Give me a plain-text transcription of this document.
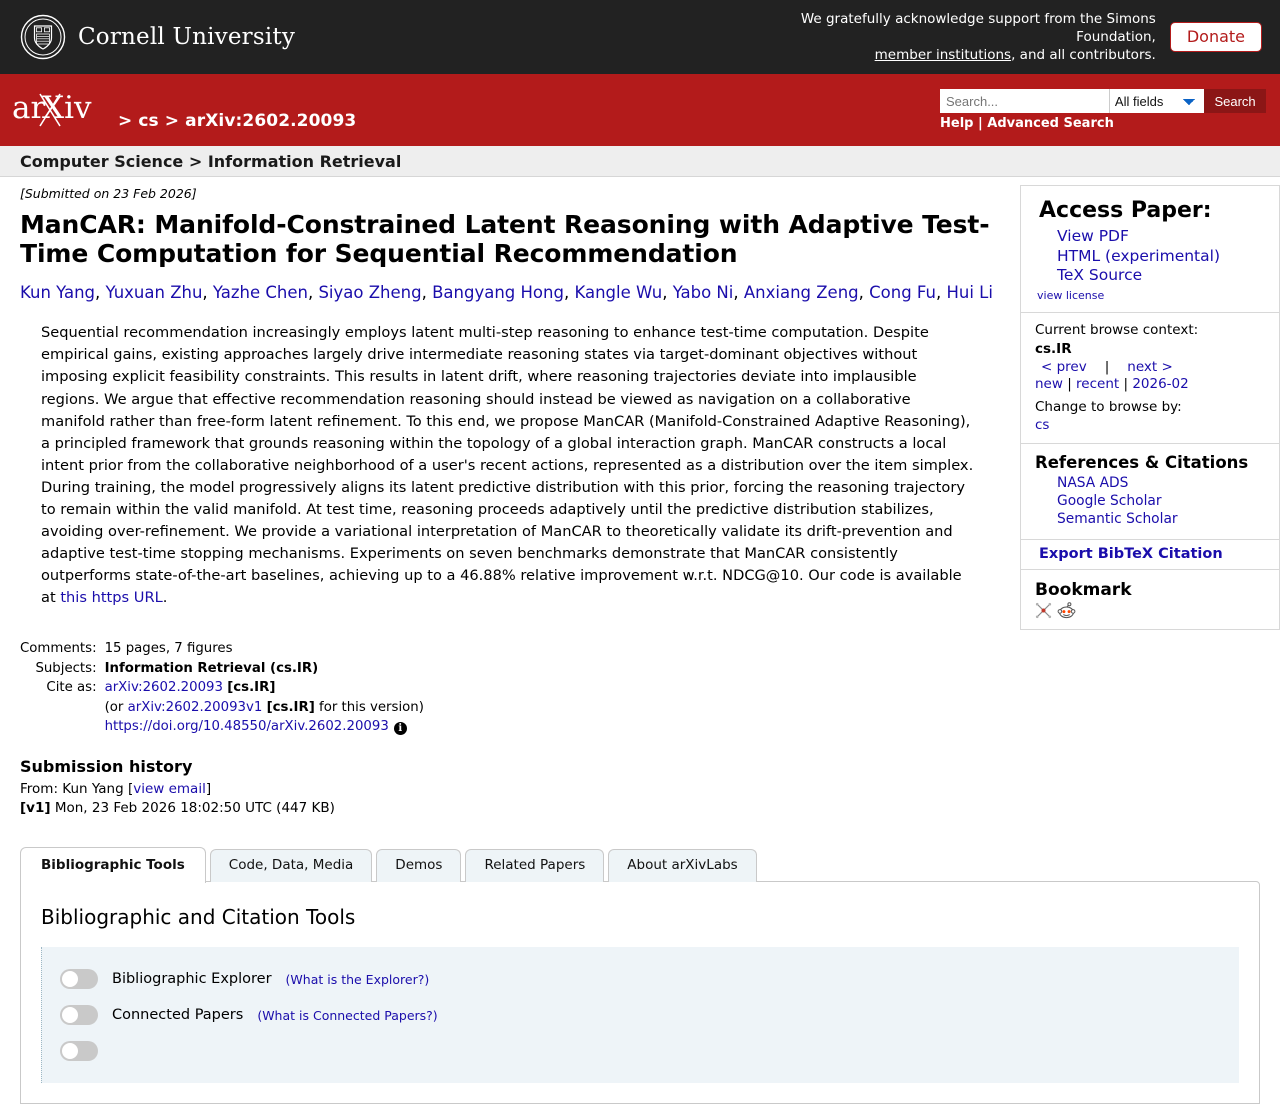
Cornell University
We gratefully acknowledge support from the Simons Foundation,
member institutions, and all contributors.
Donate
ar
Xiv > cs > arXiv:2602.20093
Search...
All fields
Search
Help | Advanced Search
Computer Science > Information Retrieval
[Submitted on 23 Feb 2026]
ManCAR: Manifold-Constrained Latent Reasoning with Adaptive Test-Time Computation for Sequential Recommendation
Kun Yang, Yuxuan Zhu, Yazhe Chen, Siyao Zheng, Bangyang Hong, Kangle Wu, Yabo Ni, Anxiang Zeng, Cong Fu, Hui Li
Sequential recommendation increasingly employs latent multi-step reasoning to enhance test-time computation. Despite empirical gains, existing approaches largely drive intermediate reasoning states via target-dominant objectives without imposing explicit feasibility constraints. This results in latent drift, where reasoning trajectories deviate into implausible regions. We argue that effective recommendation reasoning should instead be viewed as navigation on a collaborative manifold rather than free-form latent refinement. To this end, we propose ManCAR (Manifold-Constrained Adaptive Reasoning), a principled framework that grounds reasoning within the topology of a global interaction graph. ManCAR constructs a local intent prior from the collaborative neighborhood of a user's recent actions, represented as a distribution over the item simplex. During training, the model progressively aligns its latent predictive distribution with this prior, forcing the reasoning trajectory to remain within the valid manifold. At test time, reasoning proceeds adaptively until the predictive distribution stabilizes, avoiding over-refinement. We provide a variational interpretation of ManCAR to theoretically validate its drift-prevention and adaptive test-time stopping mechanisms. Experiments on seven benchmarks demonstrate that ManCAR consistently outperforms state-of-the-art baselines, achieving up to a 46.88% relative improvement w.r.t. NDCG@10. Our code is available at this https URL.
Comments:	15 pages, 7 figures
Subjects:	Information Retrieval (cs.IR)
Cite as:	arXiv:2602.20093 [cs.IR]
(or arXiv:2602.20093v1 [cs.IR] for this version)
https://doi.org/10.48550/arXiv.2602.20093 i
Submission history
From: Kun Yang [view email]
[v1] Mon, 23 Feb 2026 18:02:50 UTC (447 KB)
Access Paper:
View PDF
HTML (experimental)
TeX Source
view license
Current browse context:
cs.IR
< prev | next >
new | recent | 2026-02
Change to browse by:
cs
References & Citations
NASA ADS
Google Scholar
Semantic Scholar
Export BibTeX Citation
Bookmark
Bibliographic Tools	Code, Data, Media	Demos	Related Papers	About arXivLabs
Bibliographic and Citation Tools
Bibliographic Explorer (What is the Explorer?)
Connected Papers (What is Connected Papers?)
